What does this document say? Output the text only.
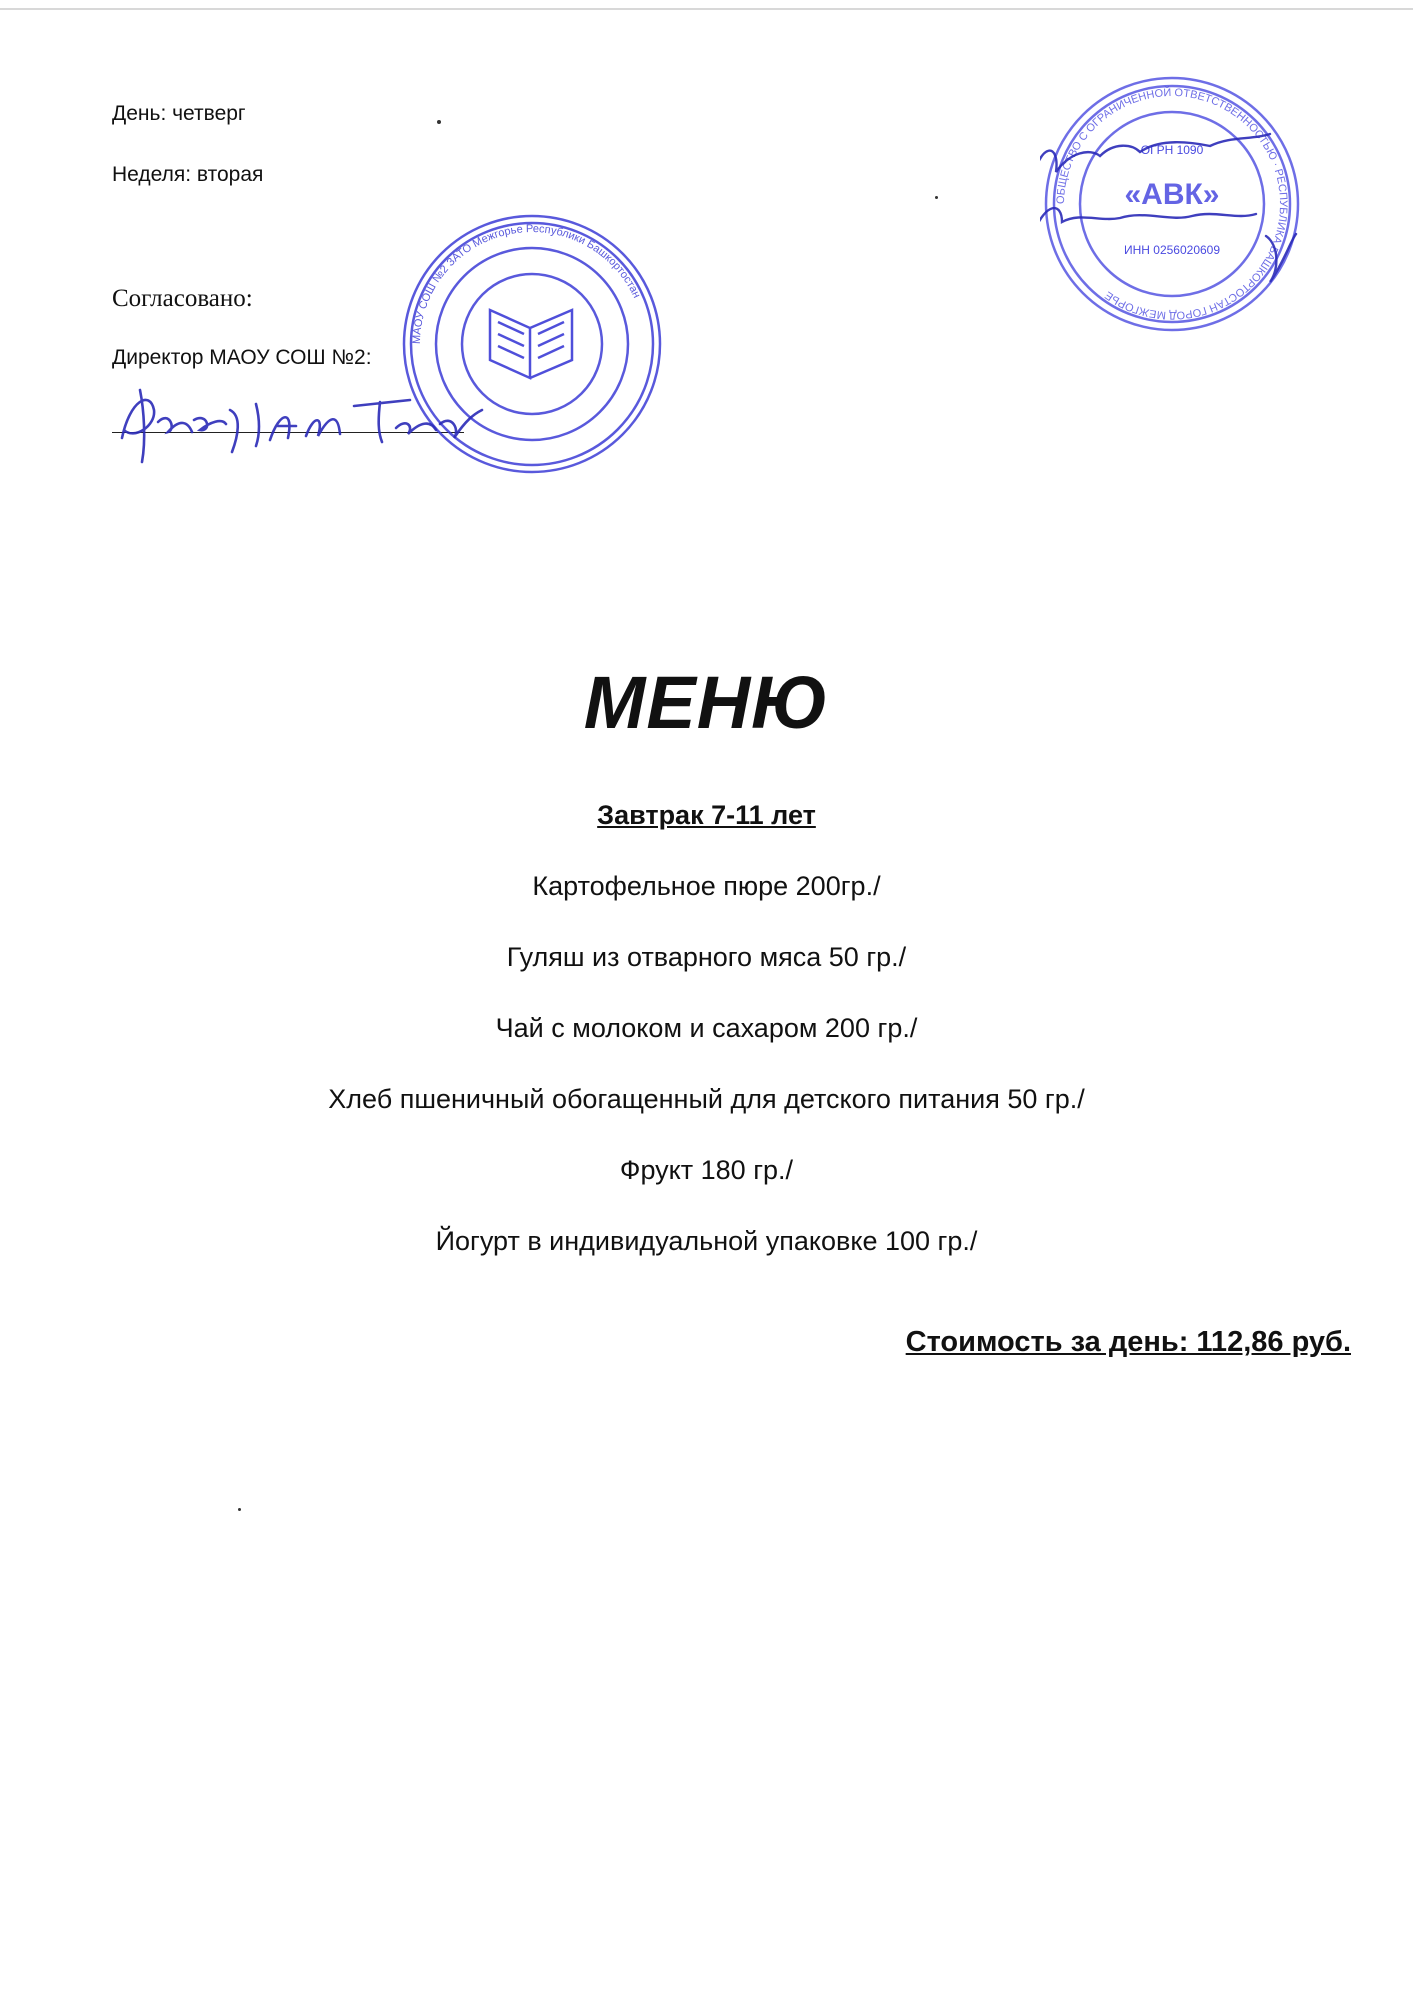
День: четверг
Неделя: вторая
Согласовано:
Директор МАОУ СОШ №2:
МАОУ СОШ №2 ЗАТО Межгорье Республики Башкортостан
Насф /Л.И. Головина/
ОБЩЕСТВО С ОГРАНИЧЕННОЙ ОТВЕТСТВЕННОСТЬЮ · РЕСПУБЛИКА БАШКОРТОСТАН ГОРОД МЕЖГОРЬЕ
ОГРН 1090
«АВК»
ИНН 0256020609
Утверждено Калашник Д.В
МЕНЮ
Завтрак 7-11 лет
Картофельное пюре 200гр./
Гуляш из отварного мяса 50 гр./
Чай с молоком и сахаром 200 гр./
Хлеб пшеничный обогащенный для детского питания 50 гр./
Фрукт 180 гр./
Йогурт в индивидуальной упаковке 100 гр./
Стоимость за день: 112,86 руб.
